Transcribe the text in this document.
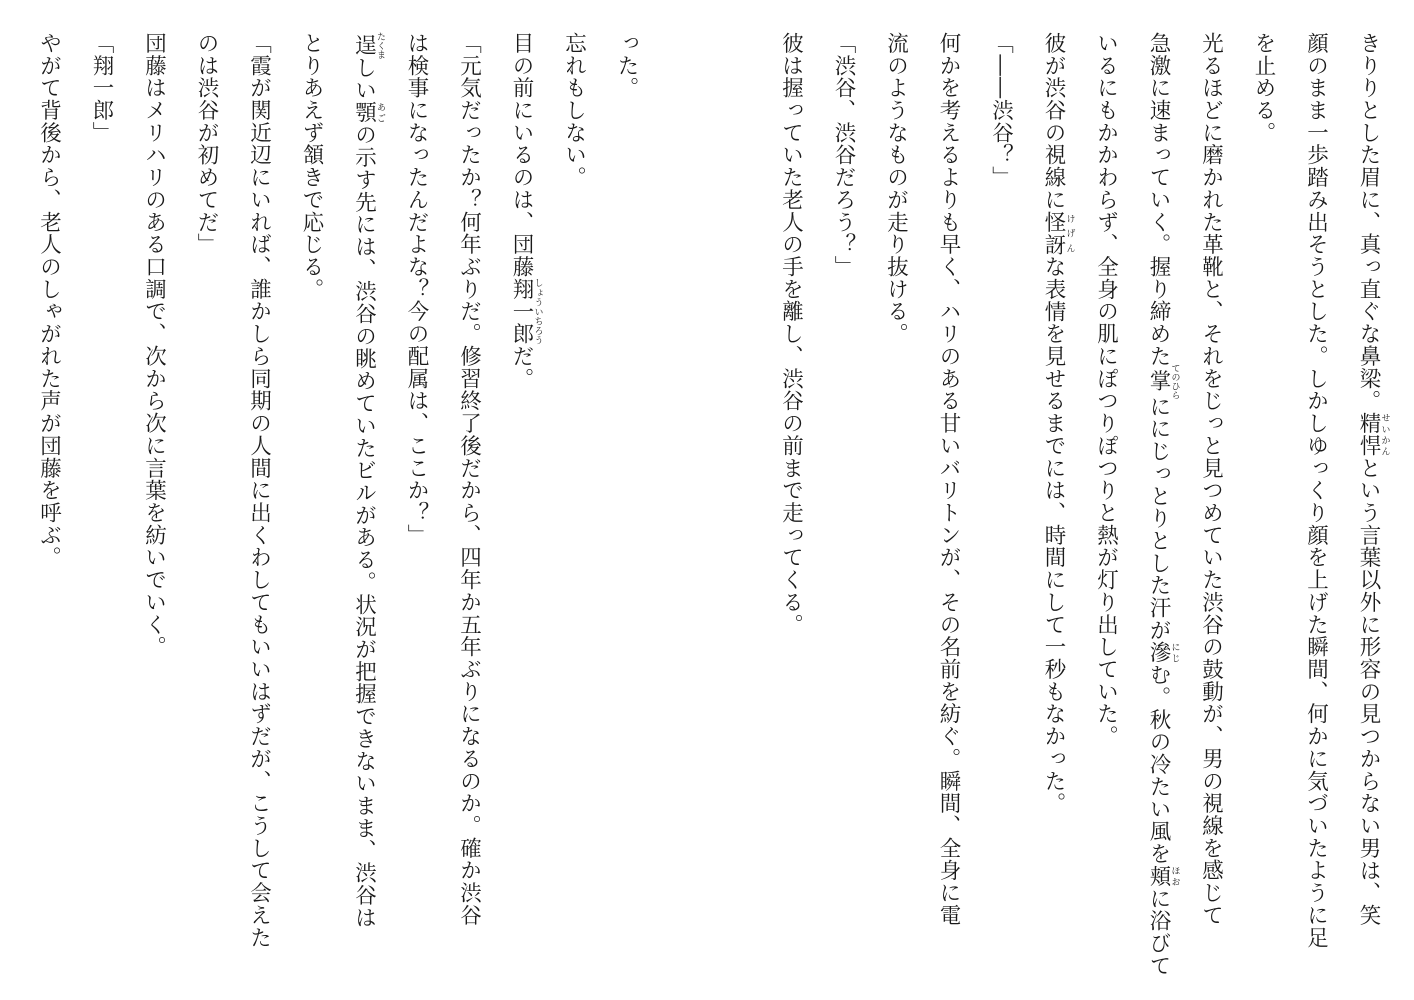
きりりとした眉に、真っ直ぐな鼻梁。精悍せいかんという言葉以外に形容の見つからない男は、笑
顔のまま一歩踏み出そうとした。しかしゆっくり顔を上げた瞬間、何かに気づいたように足
を止める。
光るほどに磨かれた革靴と、それをじっと見つめていた渋谷の鼓動が、男の視線を感じて
急激に速まっていく。握り締めた掌てのひらににじっとりとした汗が滲にじむ。秋の冷たい風を頬ほおに浴びて
いるにもかかわらず、全身の肌にぽつりぽつりと熱が灯り出していた。
彼が渋谷の視線に怪訝けげんな表情を見せるまでには、時間にして一秒もなかった。
「――渋谷？」
何かを考えるよりも早く、ハリのある甘いバリトンが、その名前を紡ぐ。瞬間、全身に電
流のようなものが走り抜ける。
「渋谷、渋谷だろう？」
彼は握っていた老人の手を離し、渋谷の前まで走ってくる。
った。
忘れもしない。
目の前にいるのは、団藤翔一郎しょういちろうだ。
「元気だったか？何年ぶりだ。修習終了後だから、四年か五年ぶりになるのか。確か渋谷
は検事になったんだよな？今の配属は、ここか？」
逞たくましい顎あごの示す先には、渋谷の眺めていたビルがある。状況が把握できないまま、渋谷は
とりあえず頷きで応じる。
「霞が関近辺にいれば、誰かしら同期の人間に出くわしてもいいはずだが、こうして会えた
のは渋谷が初めてだ」
団藤はメリハリのある口調で、次から次に言葉を紡いでいく。
「翔一郎」
やがて背後から、老人のしゃがれた声が団藤を呼ぶ。
